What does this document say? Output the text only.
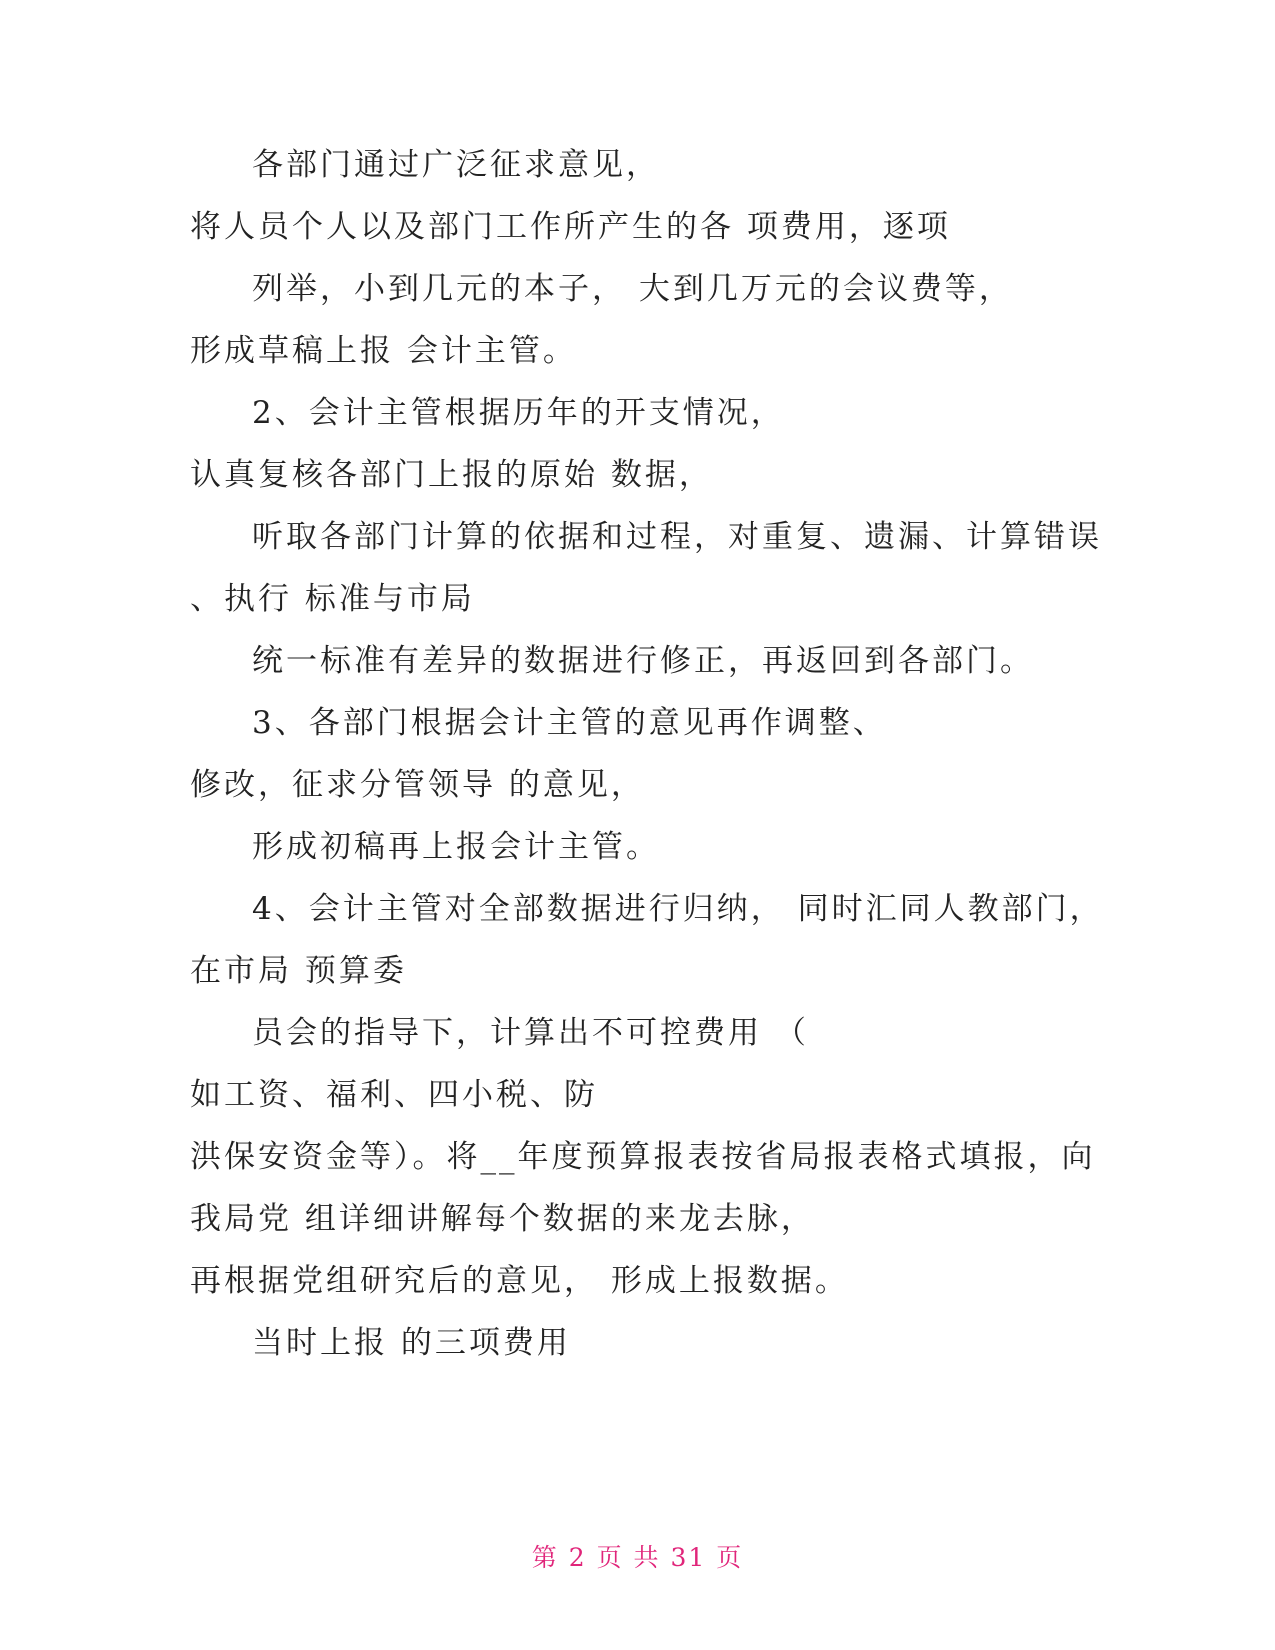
各部门通过广泛征求意见，
将人员个人以及部门工作所产生的各 项费用，逐项
列举，小到几元的本子， 大到几万元的会议费等，
形成草稿上报 会计主管。
2、会计主管根据历年的开支情况，
认真复核各部门上报的原始 数据，
听取各部门计算的依据和过程，对重复、遗漏、计算错误
、执行 标准与市局
统一标准有差异的数据进行修正，再返回到各部门。
3、各部门根据会计主管的意见再作调整、
修改，征求分管领导 的意见，
形成初稿再上报会计主管。
4、会计主管对全部数据进行归纳， 同时汇同人教部门，
在市局 预算委
员会的指导下，计算出不可控费用 （
如工资、福利、四小税、防
洪保安资金等）。将__年度预算报表按省局报表格式填报，向
我局党 组详细讲解每个数据的来龙去脉，
再根据党组研究后的意见， 形成上报数据。
当时上报 的三项费用
第 2 页 共 31 页
